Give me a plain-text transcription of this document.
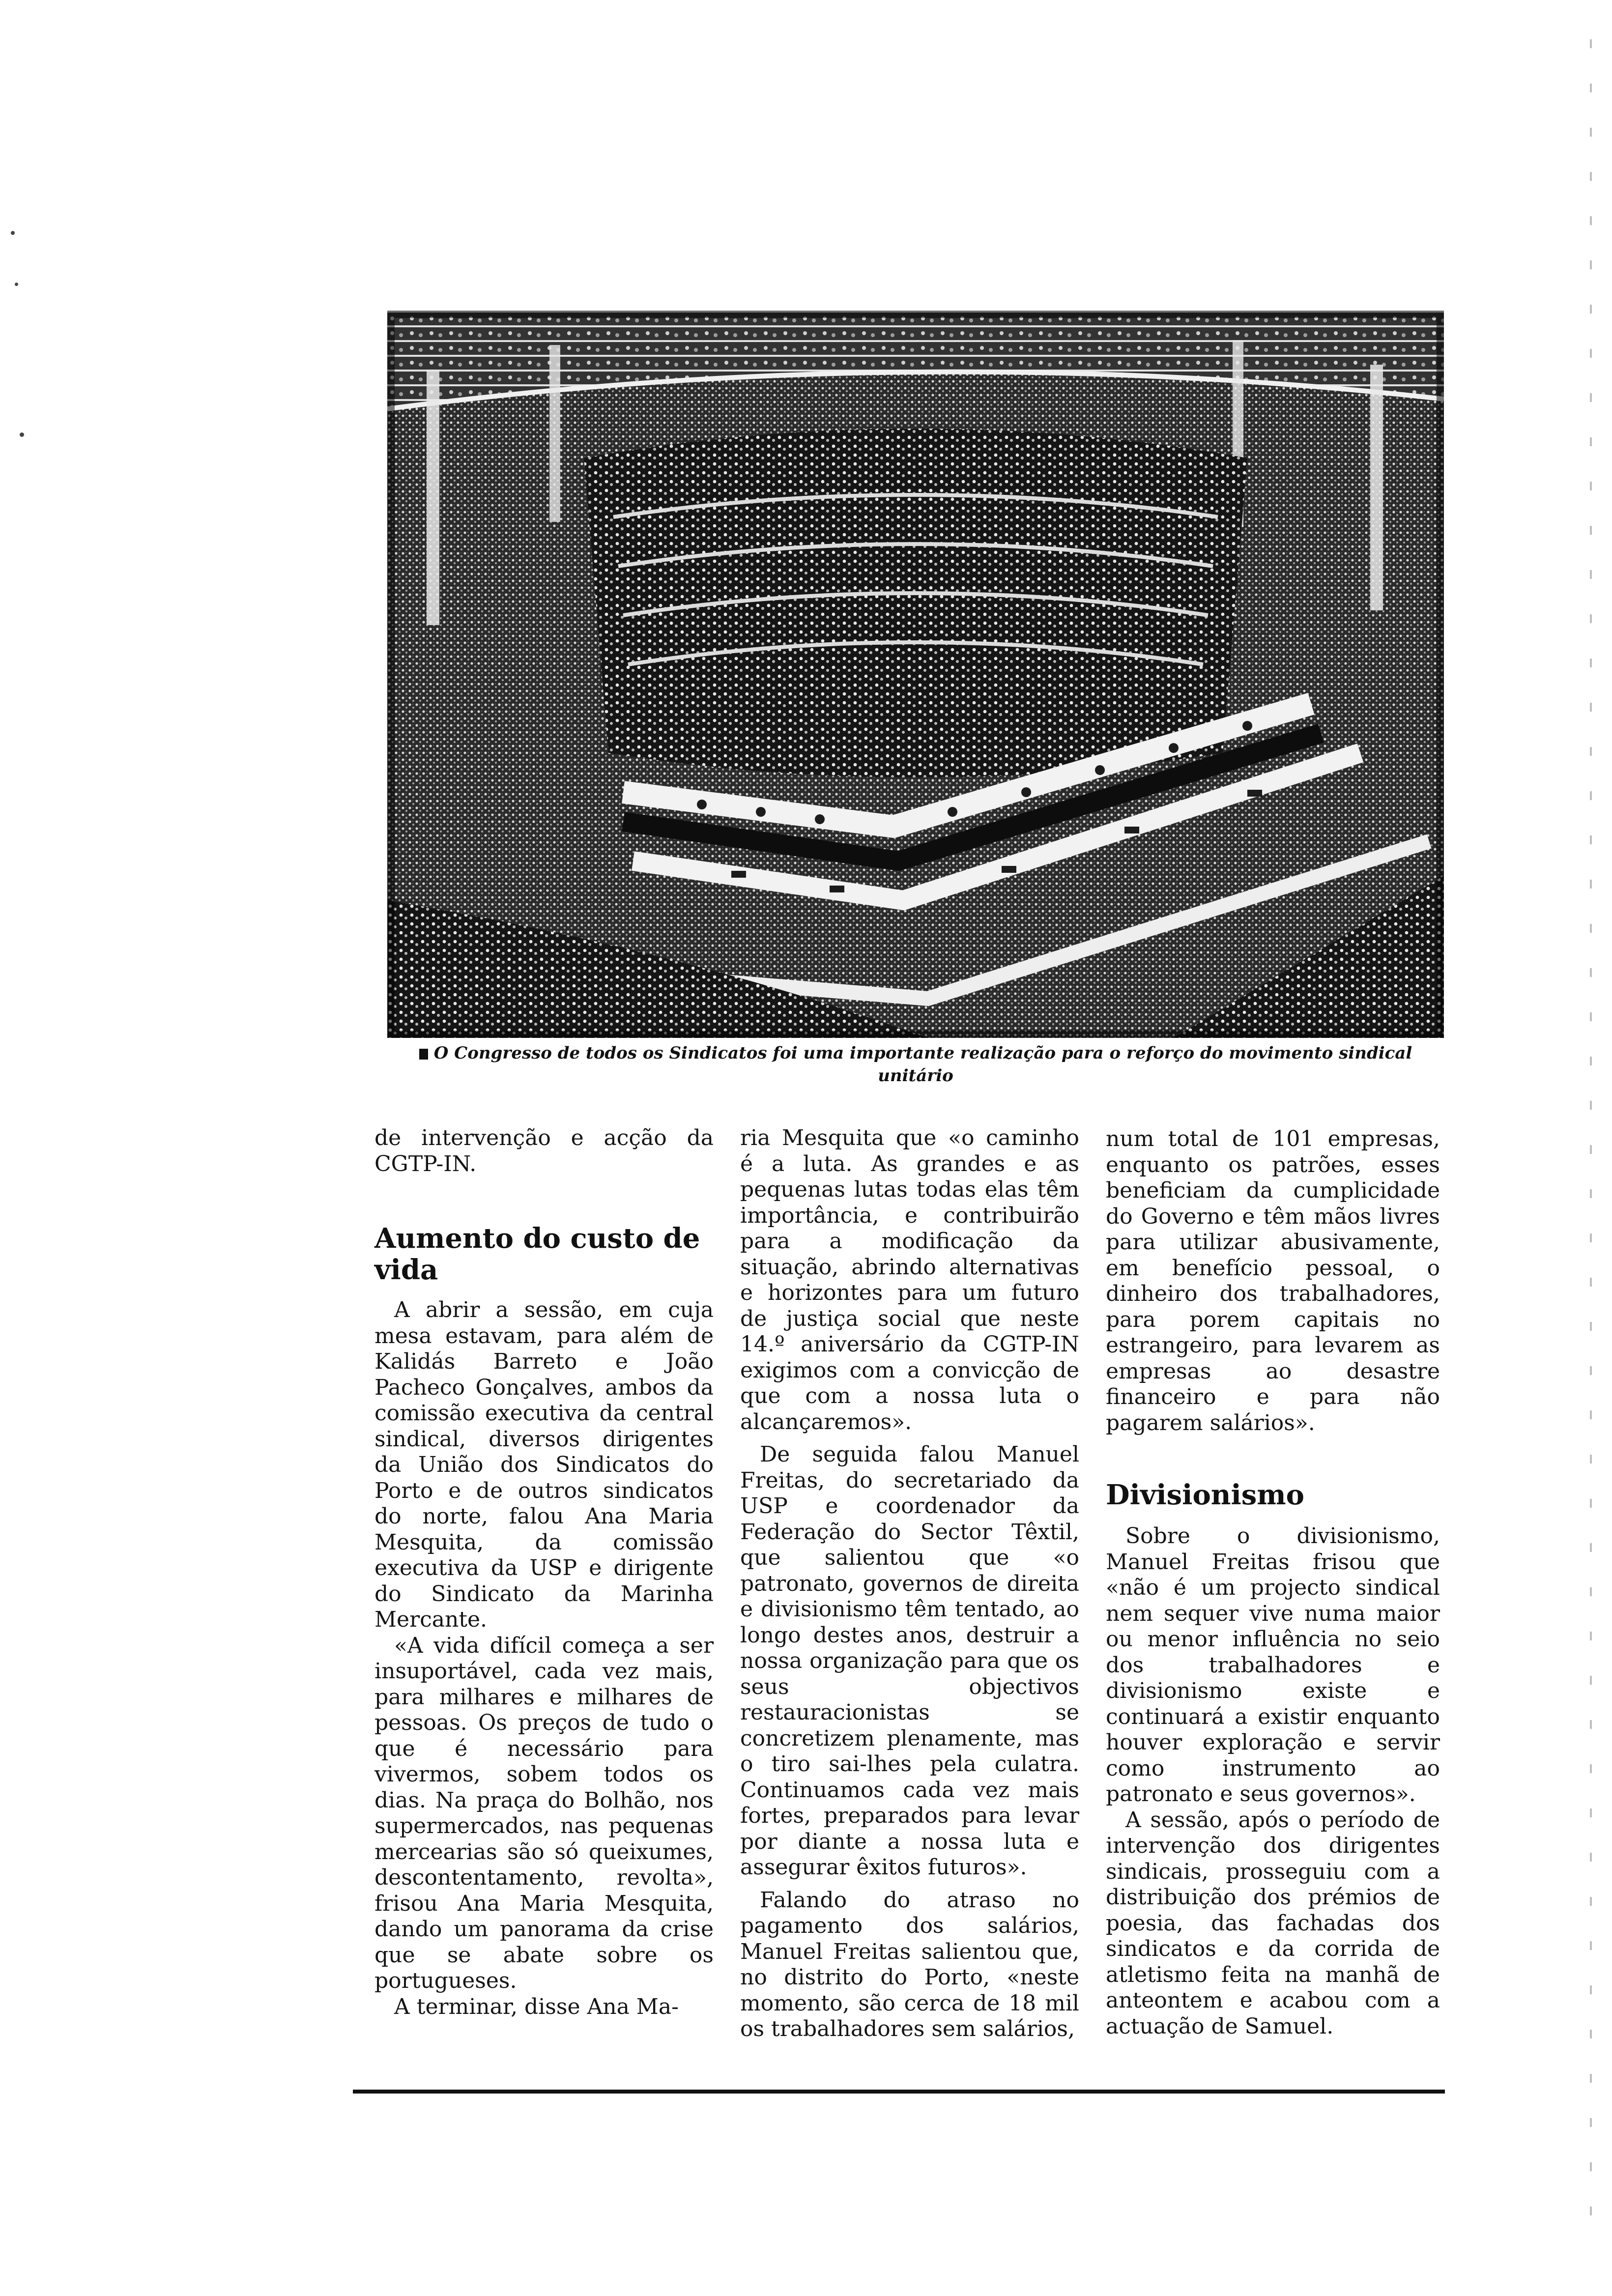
O Congresso de todos os Sindicatos foi uma importante realização para o reforço do movimento sindical unitário

de intervenção e acção da CGTP-IN.

Aumento do custo de vida

A abrir a sessão, em cuja mesa estavam, para além de Kalidás Barreto e João Pacheco Gonçalves, ambos da comissão executiva da central sindical, diversos dirigentes da União dos Sindicatos do Porto e de outros sindicatos do norte, falou Ana Maria Mesquita, da comissão executiva da USP e dirigente do Sindicato da Marinha Mercante.

«A vida difícil começa a ser insuportável, cada vez mais, para milhares e milhares de pessoas. Os preços de tudo o que é necessário para vivermos, sobem todos os dias. Na praça do Bolhão, nos supermercados, nas pequenas mercearias são só queixumes, descontentamento, revolta», frisou Ana Maria Mesquita, dando um panorama da crise que se abate sobre os portugueses.

A terminar, disse Ana Ma-

ria Mesquita que «o caminho é a luta. As grandes e as pequenas lutas todas elas têm importância, e contribuirão para a modificação da situação, abrindo alternativas e horizontes para um futuro de justiça social que neste 14.º aniversário da CGTP-IN exigimos com a convicção de que com a nossa luta o alcançaremos».

De seguida falou Manuel Freitas, do secretariado da USP e coordenador da Federação do Sector Têxtil, que salientou que «o patronato, governos de direita e divisionismo têm tentado, ao longo destes anos, destruir a nossa organização para que os seus objectivos restauracionistas se concretizem plenamente, mas o tiro sai-lhes pela culatra. Continuamos cada vez mais fortes, preparados para levar por diante a nossa luta e assegurar êxitos futuros».

Falando do atraso no pagamento dos salários, Manuel Freitas salientou que, no distrito do Porto, «neste momento, são cerca de 18 mil os trabalhadores sem salários,

num total de 101 empresas, enquanto os patrões, esses beneficiam da cumplicidade do Governo e têm mãos livres para utilizar abusivamente, em benefício pessoal, o dinheiro dos trabalhadores, para porem capitais no estrangeiro, para levarem as empresas ao desastre financeiro e para não pagarem salários».

Divisionismo

Sobre o divisionismo, Manuel Freitas frisou que «não é um projecto sindical nem sequer vive numa maior ou menor influência no seio dos trabalhadores e divisionismo existe e continuará a existir enquanto houver exploração e servir como instrumento ao patronato e seus governos».

A sessão, após o período de intervenção dos dirigentes sindicais, prosseguiu com a distribuição dos prémios de poesia, das fachadas dos sindicatos e da corrida de atletismo feita na manhã de anteontem e acabou com a actuação de Samuel.
